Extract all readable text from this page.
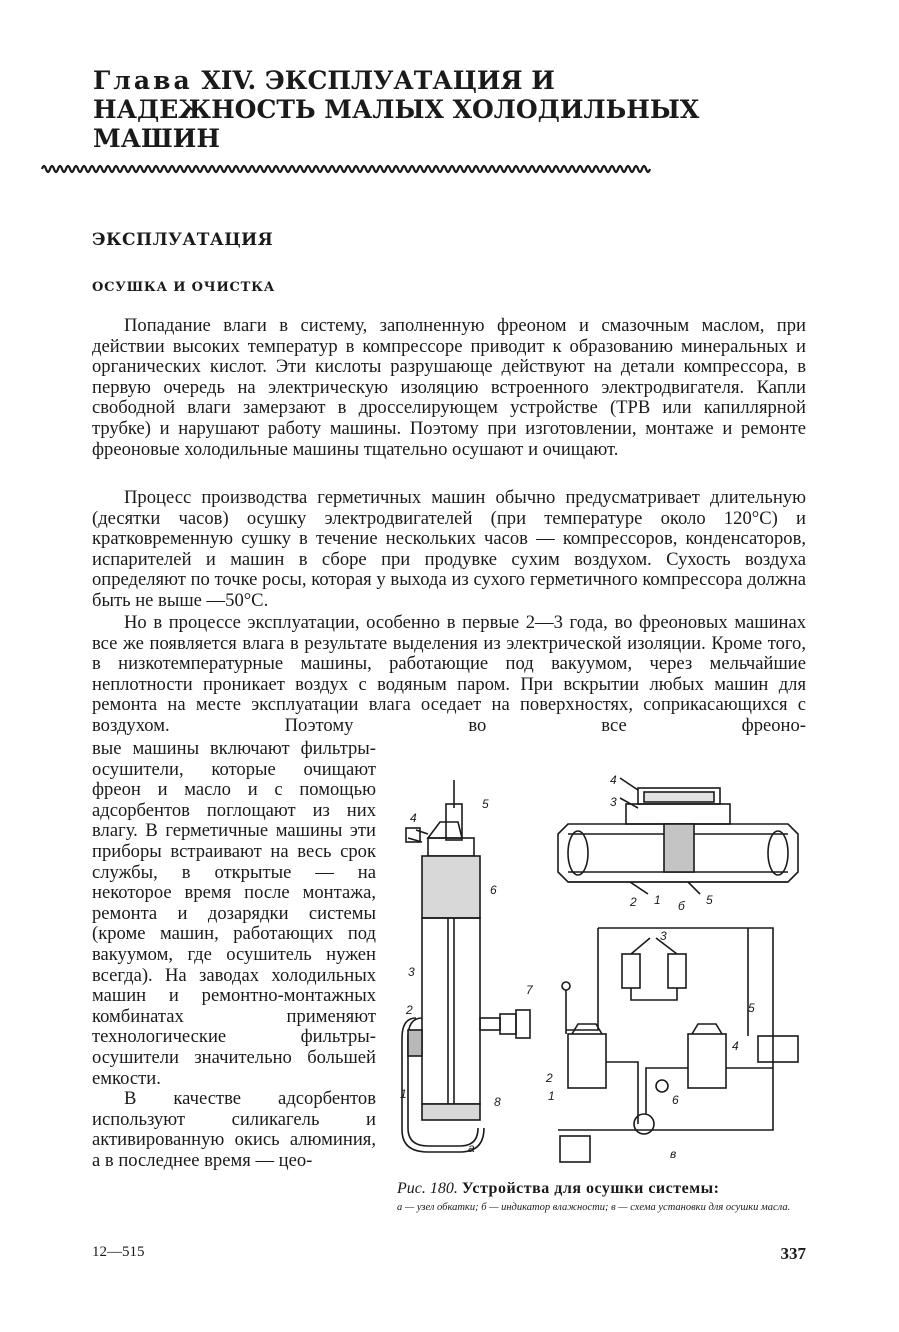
Глава XIV. ЭКСПЛУАТАЦИЯ И НАДЕЖНОСТЬ МАЛЫХ ХОЛОДИЛЬНЫХ МАШИН
ЭКСПЛУАТАЦИЯ
ОСУШКА И ОЧИСТКА

Попадание влаги в систему, заполненную фреоном и смазочным маслом, при действии высоких температур в компрессоре приводит к образованию минеральных и органических кислот. Эти кислоты разрушающе действуют на детали компрессора, в первую очередь на электрическую изоляцию встроенного электродвигателя. Капли свободной влаги замерзают в дросселирующем устройстве (ТРВ или капиллярной трубке) и нарушают работу машины. Поэтому при изготовлении, монтаже и ремонте фреоновые холодильные машины тщательно осушают и очищают.

Процесс производства герметичных машин обычно предусматривает длительную (десятки часов) осушку электродвигателей (при температуре около 120°С) и кратковременную сушку в течение нескольких часов — компрессоров, конденсаторов, испарителей и машин в сборе при продувке сухим воздухом. Сухость воздуха определяют по точке росы, которая у выхода из сухого герметичного компрессора должна быть не выше —50°С.

Но в процессе эксплуатации, особенно в первые 2—3 года, во фреоновых машинах все же появляется влага в результате выделения из электрической изоляции. Кроме того, в низкотемпературные машины, работающие под вакуумом, через мельчайшие неплотности проникает воздух с водяным паром. При вскрытии любых машин для ремонта на месте эксплуатации влага оседает на поверхностях, соприкасающихся с воздухом. Поэтому во все фреоно-

вые машины включают фильтры-осушители, которые очищают фреон и масло и с помощью адсорбентов поглощают из них влагу. В герметичные машины эти приборы встраивают на весь срок службы, в открытые — на некоторое время после монтажа, ремонта и дозарядки системы (кроме машин, работающих под вакуумом, где осушитель нужен всегда). На заводах холодильных машин и ремонтно-монтажных комбинатах применяют технологические фильтры-осушители значительно большей емкости.

В качестве адсорбентов используют силикагель и активированную окись алюминия, а в последнее время — цео-

5
4
6
3
7
2
1
8
а
4
3
2 1 б 5
3
5
4
2
1	6
в
Рис. 180. Устройства для осушки системы:
а — узел обкатки; б — индикатор влажности; в — схема установки для осушки масла.
12—515	337
